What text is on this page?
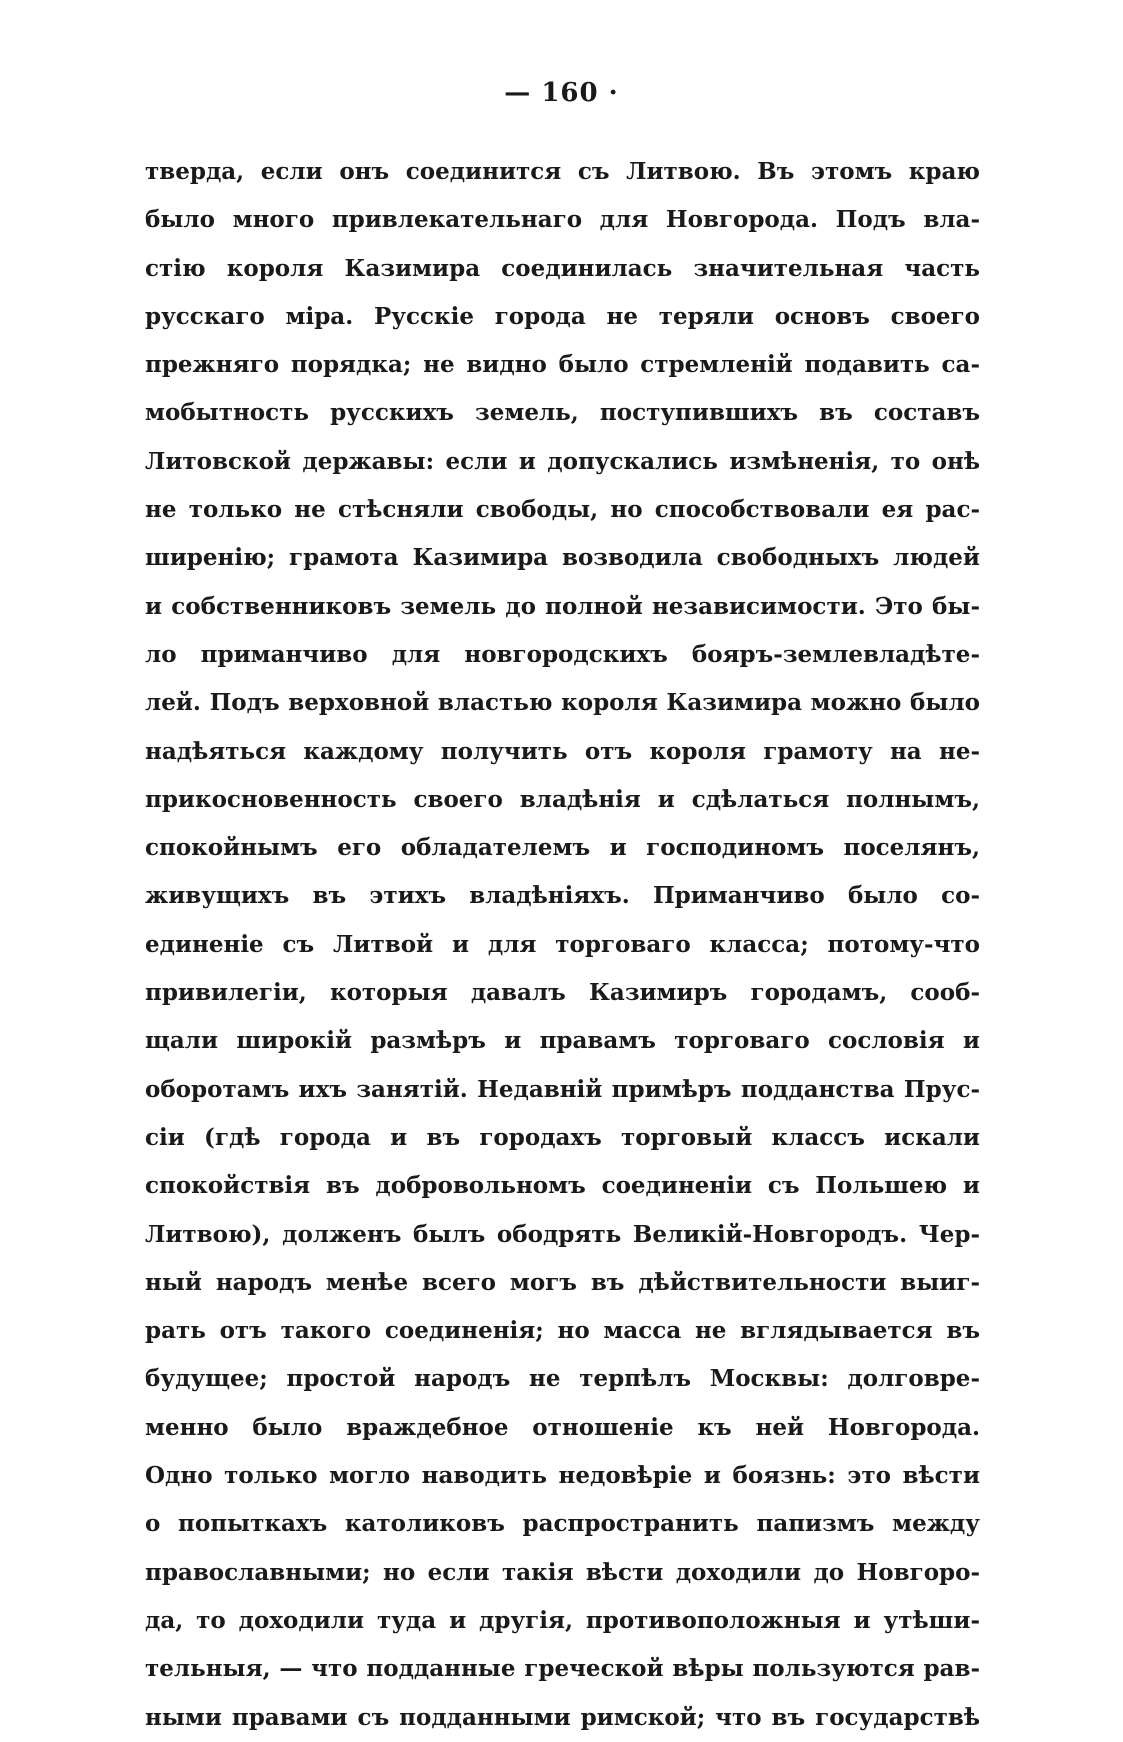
— 160 ·
тверда, если онъ соединится съ Литвою. Въ этомъ краю
было много привлекательнаго для Новгорода. Подъ вла-
стію короля Казимира соединилась значительная часть
русскаго міра. Русскіе города не теряли основъ своего
прежняго порядка; не видно было стремленій подавить са-
мобытность русскихъ земель, поступившихъ въ составъ
Литовской державы: если и допускались измѣненія, то онѣ
не только не стѣсняли свободы, но способствовали ея рас-
ширенію; грамота Казимира возводила свободныхъ людей
и собственниковъ земель до полной независимости. Это бы-
ло приманчиво для новгородскихъ бояръ-землевладѣте-
лей. Подъ верховной властью короля Казимира можно было
надѣяться каждому получить отъ короля грамоту на не-
прикосновенность своего владѣнія и сдѣлаться полнымъ,
спокойнымъ его обладателемъ и господиномъ поселянъ,
живущихъ въ этихъ владѣніяхъ. Приманчиво было со-
единеніе съ Литвой и для торговаго класса; потому-что
привилегіи, которыя давалъ Казимиръ городамъ, сооб-
щали широкій размѣръ и правамъ торговаго сословія и
оборотамъ ихъ занятій. Недавній примѣръ подданства Прус-
сіи (гдѣ города и въ городахъ торговый классъ искали
спокойствія въ добровольномъ соединеніи съ Польшею и
Литвою), долженъ былъ ободрять Великій-Новгородъ. Чер-
ный народъ менѣе всего могъ въ дѣйствительности выиг-
рать отъ такого соединенія; но масса не вглядывается въ
будущее; простой народъ не терпѣлъ Москвы: долговре-
менно было враждебное отношеніе къ ней Новгорода.
Одно только могло наводить недовѣріе и боязнь: это вѣсти
о попыткахъ католиковъ распространить папизмъ между
православными; но если такія вѣсти доходили до Новгоро-
да, то доходили туда и другія, противоположныя и утѣши-
тельныя, — что подданные греческой вѣры пользуются рав-
ными правами съ подданными римской; что въ государствѣ
